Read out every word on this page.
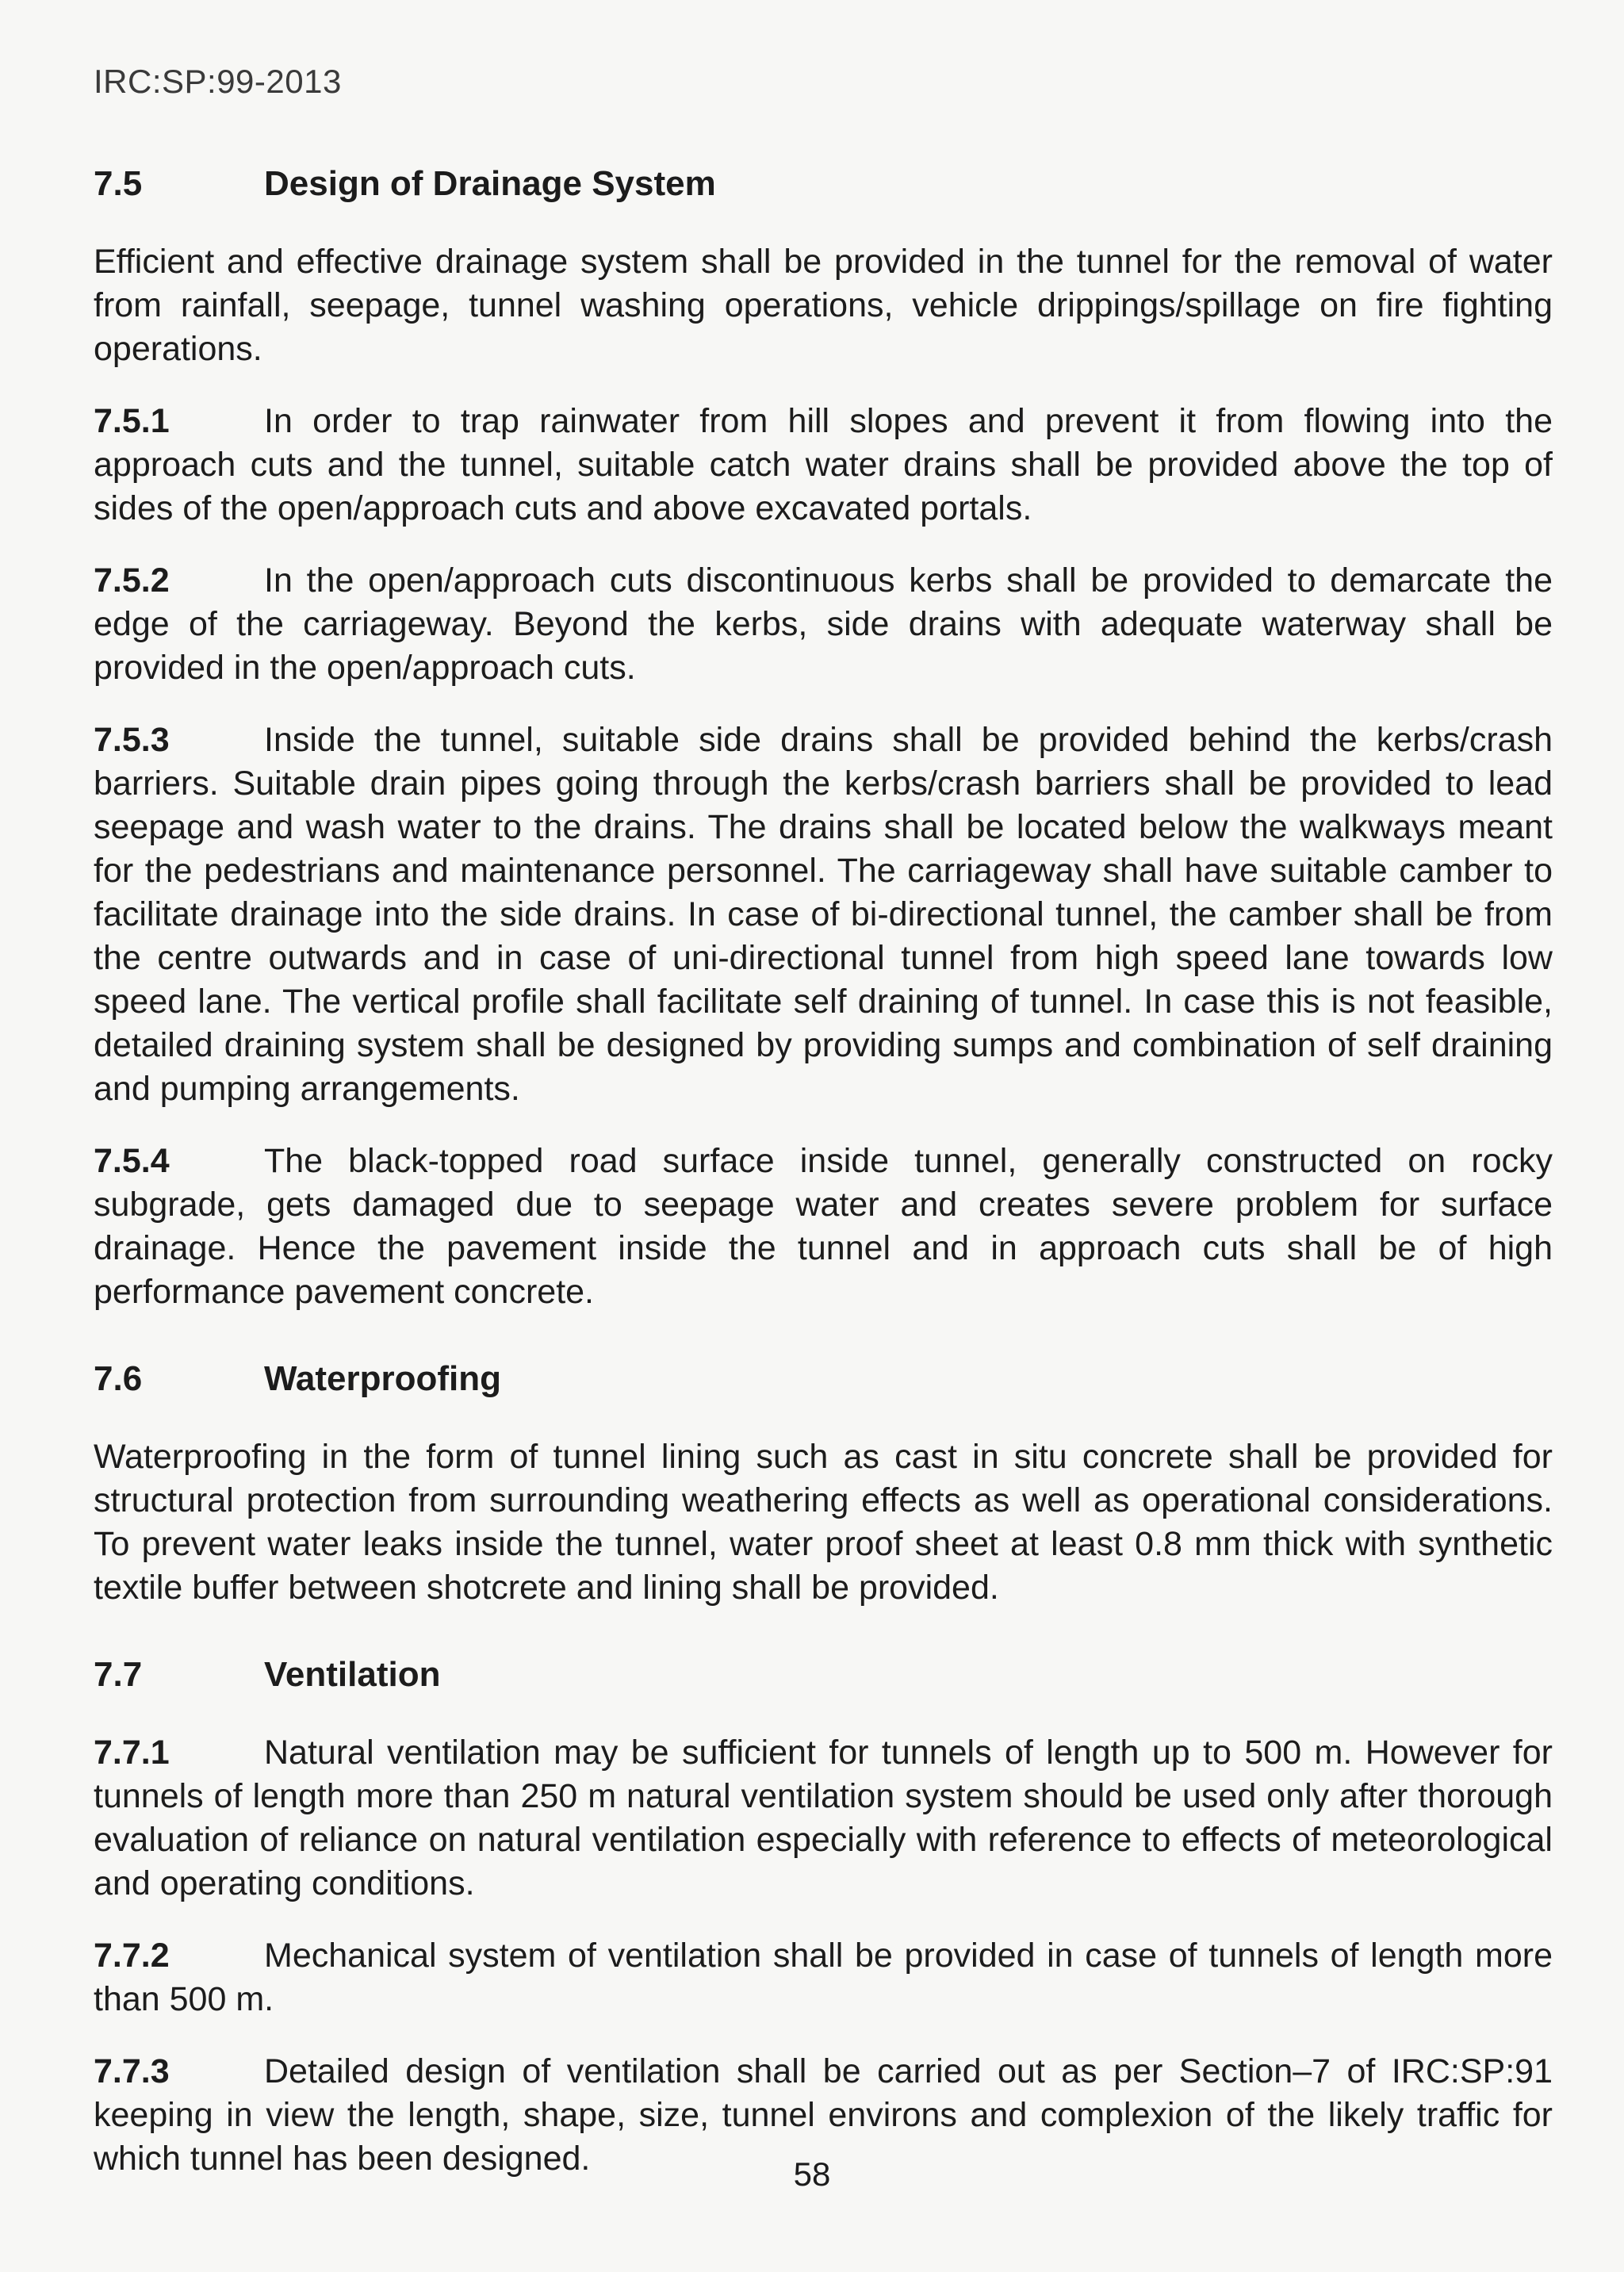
IRC:SP:99-2013
7.5	Design of Drainage System

Efficient and effective drainage system shall be provided in the tunnel for the removal of water from rainfall, seepage, tunnel washing operations, vehicle drippings/spillage on fire fighting operations.

7.5.1	In order to trap rainwater from hill slopes and prevent it from flowing into the approach cuts and the tunnel, suitable catch water drains shall be provided above the top of sides of the open/approach cuts and above excavated portals.

7.5.2	In the open/approach cuts discontinuous kerbs shall be provided to demarcate the edge of the carriageway. Beyond the kerbs, side drains with adequate waterway shall be provided in the open/approach cuts.

7.5.3	Inside the tunnel, suitable side drains shall be provided behind the kerbs/crash barriers. Suitable drain pipes going through the kerbs/crash barriers shall be provided to lead seepage and wash water to the drains. The drains shall be located below the walkways meant for the pedestrians and maintenance personnel. The carriageway shall have suitable camber to facilitate drainage into the side drains. In case of bi-directional tunnel, the camber shall be from the centre outwards and in case of uni-directional tunnel from high speed lane towards low speed lane. The vertical profile shall facilitate self draining of tunnel. In case this is not feasible, detailed draining system shall be designed by providing sumps and combination of self draining and pumping arrangements.

7.5.4	The black-topped road surface inside tunnel, generally constructed on rocky subgrade, gets damaged due to seepage water and creates severe problem for surface drainage. Hence the pavement inside the tunnel and in approach cuts shall be of high performance pavement concrete.

7.6	Waterproofing

Waterproofing in the form of tunnel lining such as cast in situ concrete shall be provided for structural protection from surrounding weathering effects as well as operational considerations. To prevent water leaks inside the tunnel, water proof sheet at least 0.8 mm thick with synthetic textile buffer between shotcrete and lining shall be provided.

7.7	Ventilation

7.7.1	Natural ventilation may be sufficient for tunnels of length up to 500 m. However for tunnels of length more than 250 m natural ventilation system should be used only after thorough evaluation of reliance on natural ventilation especially with reference to effects of meteorological and operating conditions.

7.7.2	Mechanical system of ventilation shall be provided in case of tunnels of length more than 500 m.

7.7.3	Detailed design of ventilation shall be carried out as per Section–7 of IRC:SP:91 keeping in view the length, shape, size, tunnel environs and complexion of the likely traffic for which tunnel has been designed.	58
